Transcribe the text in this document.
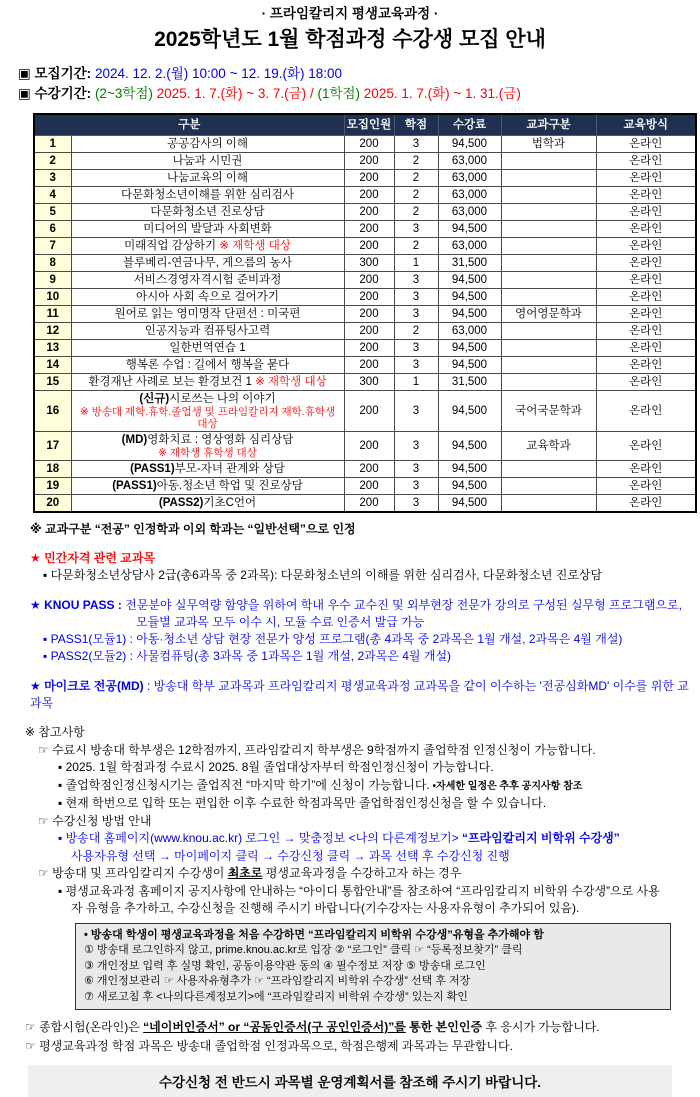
· 프라임칼리지 평생교육과정 ·
2025학년도 1월 학점과정 수강생 모집 안내
▣ 모집기간: 2024. 12. 2.(월) 10:00 ~ 12. 19.(화) 18:00
▣ 수강기간: (2~3학점) 2025. 1. 7.(화) ~ 3. 7.(금) / (1학점) 2025. 1. 7.(화) ~ 1. 31.(금)
구분		모집인원	학점	수강료	교과구분	교육방식
1	공공감사의 이해	200	3	94,500	법학과	온라인
2	나눔과 시민권	200	2	63,000		온라인
3	나눔교육의 이해	200	2	63,000		온라인
4	다문화청소년이해를 위한 심리검사	200	2	63,000		온라인
5	다문화청소년 진로상담	200	2	63,000		온라인
6	미디어의 발달과 사회변화	200	3	94,500		온라인
7	미래직업 감상하기 ※ 재학생 대상	200	2	63,000		온라인
8	블루베리-연금나무, 게으름의 농사	300	1	31,500		온라인
9	서비스경영자격시험 준비과정	200	3	94,500		온라인
10	아시아 사회 속으로 걸어가기	200	3	94,500		온라인
11	원어로 읽는 영미명작 단편선 : 미국편	200	3	94,500	영어영문학과	온라인
12	인공지능과 컴퓨팅사고력	200	2	63,000		온라인
13	일한번역연습 1	200	3	94,500		온라인
14	행복론 수업 : 길에서 행복을 묻다	200	3	94,500		온라인
15	환경재난 사례로 보는 환경보건 1 ※ 재학생 대상	300	1	31,500		온라인
16	(신규)시로쓰는 나의 이야기
※ 방송대 재학.휴학.졸업생 및 프라임칼리지 재학.휴학생 대상	200	3	94,500	국어국문학과	온라인
17	(MD)영화치료 : 영상영화 심리상담
※ 재학생 휴학생 대상	200	3	94,500	교육학과	온라인
18	(PASS1)부모-자녀 관계와 상담	200	3	94,500		온라인
19	(PASS1)아동.청소년 학업 및 진로상담	200	3	94,500		온라인
20	(PASS2)기초C언어	200	3	94,500		온라인
※ 교과구분 “전공” 인정학과 이외 학과는 “일반선택”으로 인정
★ 민간자격 관련 교과목
▪ 다문화청소년상담사 2급(총6과목 중 2과목): 다문화청소년의 이해를 위한 심리검사, 다문화청소년 진로상담
★ KNOU PASS : 전문분야 실무역량 함양을 위하여 학내 우수 교수진 및 외부현장 전문가 강의로 구성된 실무형 프로그램으로,
모듈별 교과목 모두 이수 시, 모듈 수료 인증서 발급 가능
▪ PASS1(모듈1) : 아동·청소년 상담 현장 전문가 양성 프로그램(총 4과목 중 2과목은 1월 개설, 2과목은 4월 개설)
▪ PASS2(모듈2) : 사물컴퓨팅(총 3과목 중 1과목은 1월 개설, 2과목은 4월 개설)
★ 마이크로 전공(MD) : 방송대 학부 교과목과 프라임칼리지 평생교육과정 교과목을 같이 이수하는 '전공심화MD' 이수를 위한 교과목
※ 참고사항
☞ 수료시 방송대 학부생은 12학점까지, 프라임칼리지 학부생은 9학점까지 졸업학점 인정신청이 가능합니다.
▪ 2025. 1월 학점과정 수료시 2025. 8월 졸업대상자부터 학점인정신청이 가능합니다.
▪ 졸업학점인정신청시기는 졸업직전 “마지막 학기”에 신청이 가능합니다. •자세한 일정은 추후 공지사항 참조
▪ 현재 학번으로 입학 또는 편입한 이후 수료한 학점과목만 졸업학점인정신청을 할 수 있습니다.
☞ 수강신청 방법 안내
▪ 방송대 홈페이지(www.knou.ac.kr) 로그인 → 맞춤정보 <나의 다른계정보기> “프라임칼리지 비학위 수강생”
사용자유형 선택 → 마이페이지 클릭 → 수강신청 클릭 → 과목 선택 후 수강신청 진행
☞ 방송대 및 프라임칼리지 수강생이 최초로 평생교육과정을 수강하고자 하는 경우
▪ 평생교육과정 홈페이지 공지사항에 안내하는 “아이디 통합안내”를 참조하여 “프라임칼리지 비학위 수강생”으로 사용자 유형을 추가하고, 수강신청을 진행해 주시기 바랍니다(기수강자는 사용자유형이 추가되어 있음).
• 방송대 학생이 평생교육과정을 처음 수강하면 “프라임칼리지 비학위 수강생”유형을 추가해야 함
① 방송대 로그인하지 않고, prime.knou.ac.kr로 입장 ② “로그인” 클릭 ☞ “등록정보찾기” 클릭
③ 개인정보 입력 후 실명 확인, 공동이용약관 동의 ④ 필수정보 저장 ⑤ 방송대 로그인
⑥ 개인정보관리 ☞ 사용자유형추가 ☞ “프라임칼리지 비학위 수강생” 선택 후 저장
⑦ 새로고침 후 <나의다른계정보기>에 “프라임칼리지 비학위 수강생” 있는지 확인
☞ 종합시험(온라인)은 “네이버인증서” or “공동인증서(구 공인인증서)”를 통한 본인인증 후 응시가 가능합니다.
☞ 평생교육과정 학점 과목은 방송대 졸업학점 인정과목으로, 학점은행제 과목과는 무관합니다.
수강신청 전 반드시 과목별 운영계획서를 참조해 주시기 바랍니다.
